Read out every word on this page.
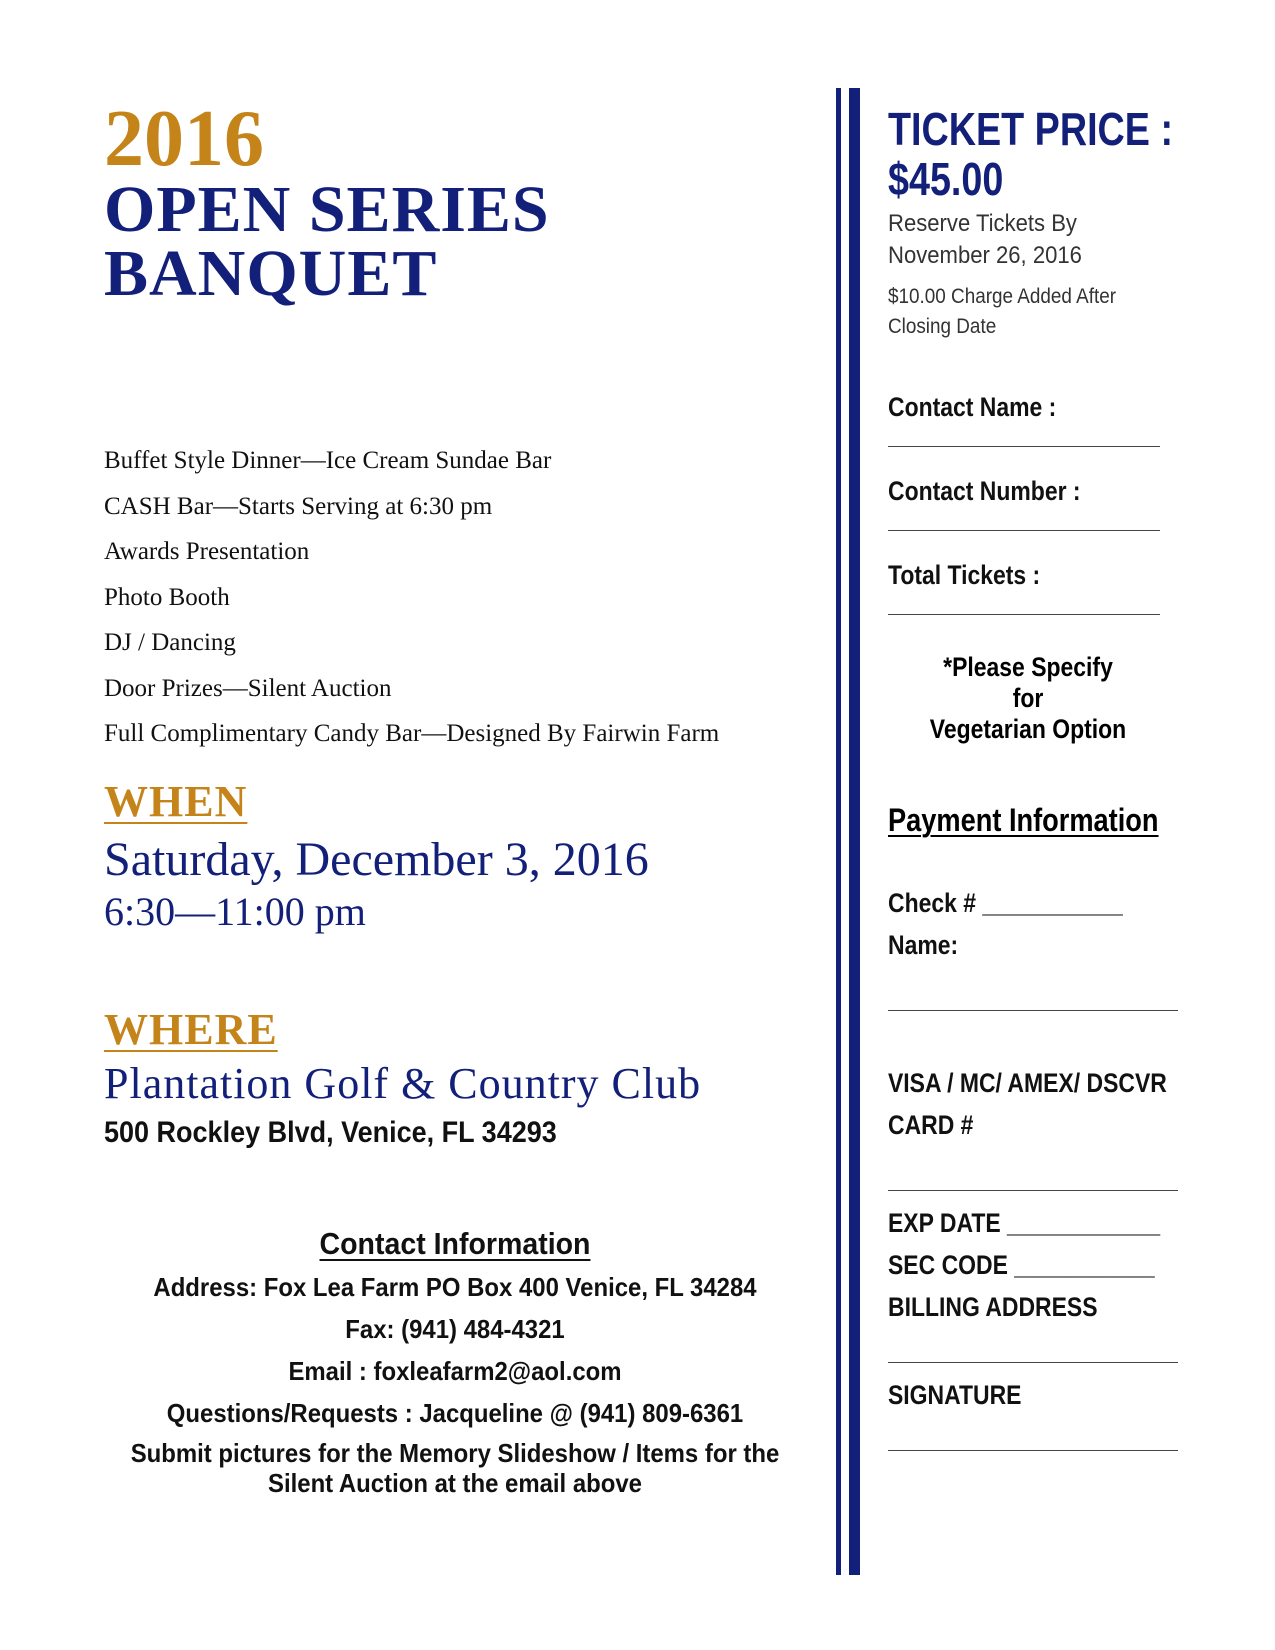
2016
OPEN SERIES
BANQUET
Buffet Style Dinner—Ice Cream Sundae Bar
CASH Bar—Starts Serving at 6:30 pm
Awards Presentation
Photo Booth
DJ / Dancing
Door Prizes—Silent Auction
Full Complimentary Candy Bar—Designed By Fairwin Farm
WHEN
Saturday, December 3, 2016
6:30—11:00 pm
WHERE
Plantation Golf & Country Club
500 Rockley Blvd, Venice, FL 34293
Contact Information
Address: Fox Lea Farm PO Box 400 Venice, FL 34284
Fax: (941) 484-4321
Email : foxleafarm2@aol.com
Questions/Requests : Jacqueline @ (941) 809-6361
Submit pictures for the Memory Slideshow / Items for the
Silent Auction at the email above
TICKET PRICE :
$45.00
Reserve Tickets By
November 26, 2016
$10.00 Charge Added After
Closing Date
Contact Name :
Contact Number :
Total Tickets :
*Please Specify for
Vegetarian Option
Payment Information
Check # ___________
Name:
VISA / MC/ AMEX/ DSCVR
CARD #
EXP DATE ____________
SEC CODE ___________
BILLING ADDRESS
SIGNATURE
